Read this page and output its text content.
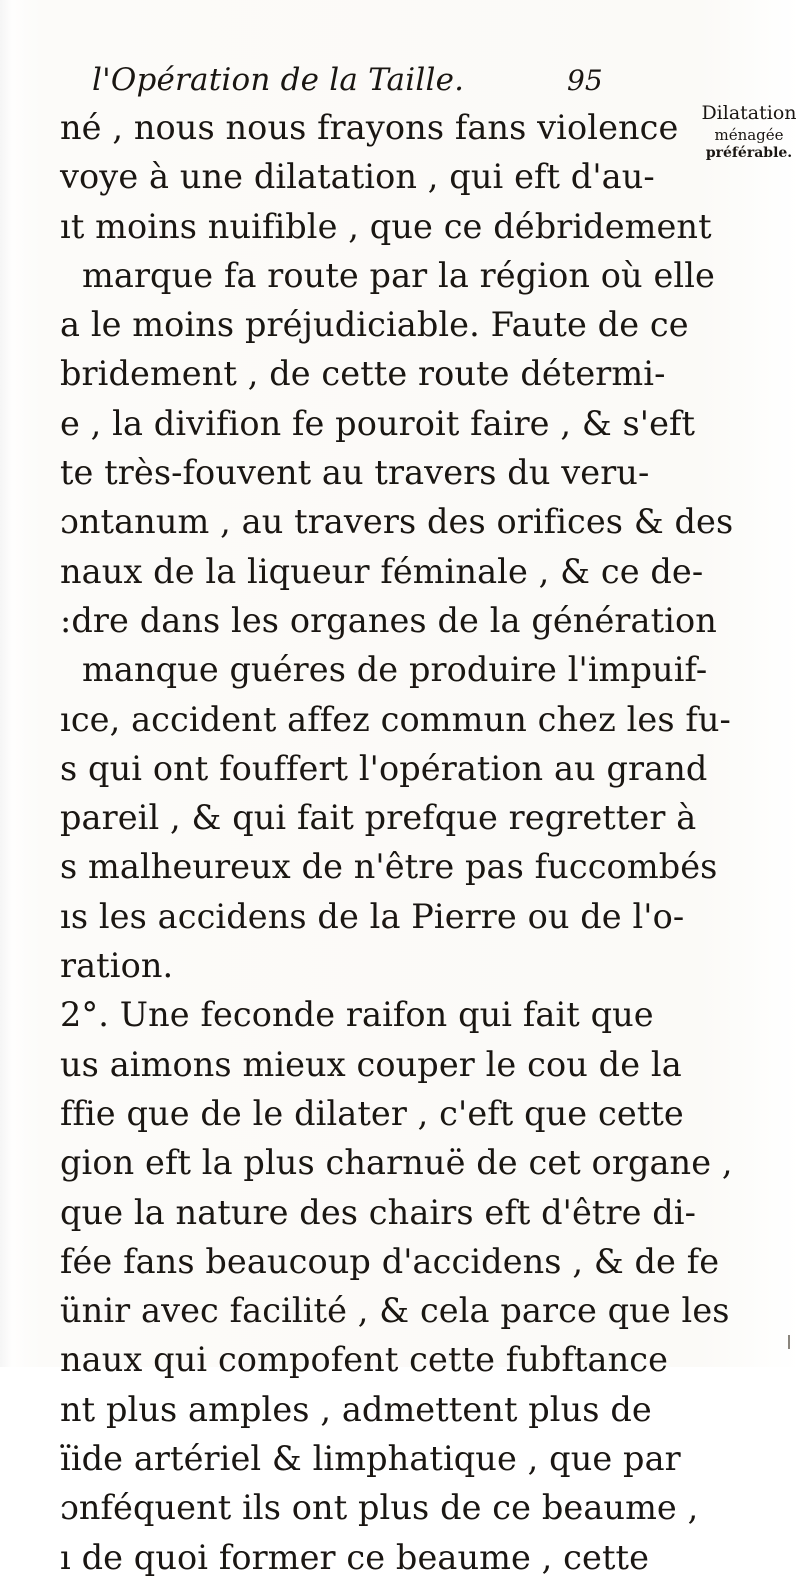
l'Opération de la Taille.	95
Dilatation
ménagée
préférable.
né , nous nous frayons fans violence
voye à une dilatation , qui eft d'au-
ıt moins nuifible , que ce débridement
marque fa route par la région où elle
a le moins préjudiciable. Faute de ce
bridement , de cette route détermi-
e , la divifion fe pouroit faire , & s'eft
te très-fouvent au travers du veru-
ɔntanum , au travers des orifices & des
naux de la liqueur féminale , & ce de-
:dre dans les organes de la génération
manque guéres de produire l'impuif-
ıce, accident affez commun chez les fu-
s qui ont fouffert l'opération au grand
pareil , & qui fait prefque regretter à
s malheureux de n'être pas fuccombés
ıs les accidens de la Pierre ou de l'o-
ration.
2°. Une feconde raifon qui fait que
us aimons mieux couper le cou de la
ffie que de le dilater , c'eft que cette
gion eft la plus charnuë de cet organe ,
que la nature des chairs eft d'être di-
fée fans beaucoup d'accidens , & de fe
ünir avec facilité , & cela parce que les
naux qui compofent cette fubftance
nt plus amples , admettent plus de
ïide artériel & limphatique , que par
ɔnféquent ils ont plus de ce beaume ,
ı de quoi former ce beaume , cette
